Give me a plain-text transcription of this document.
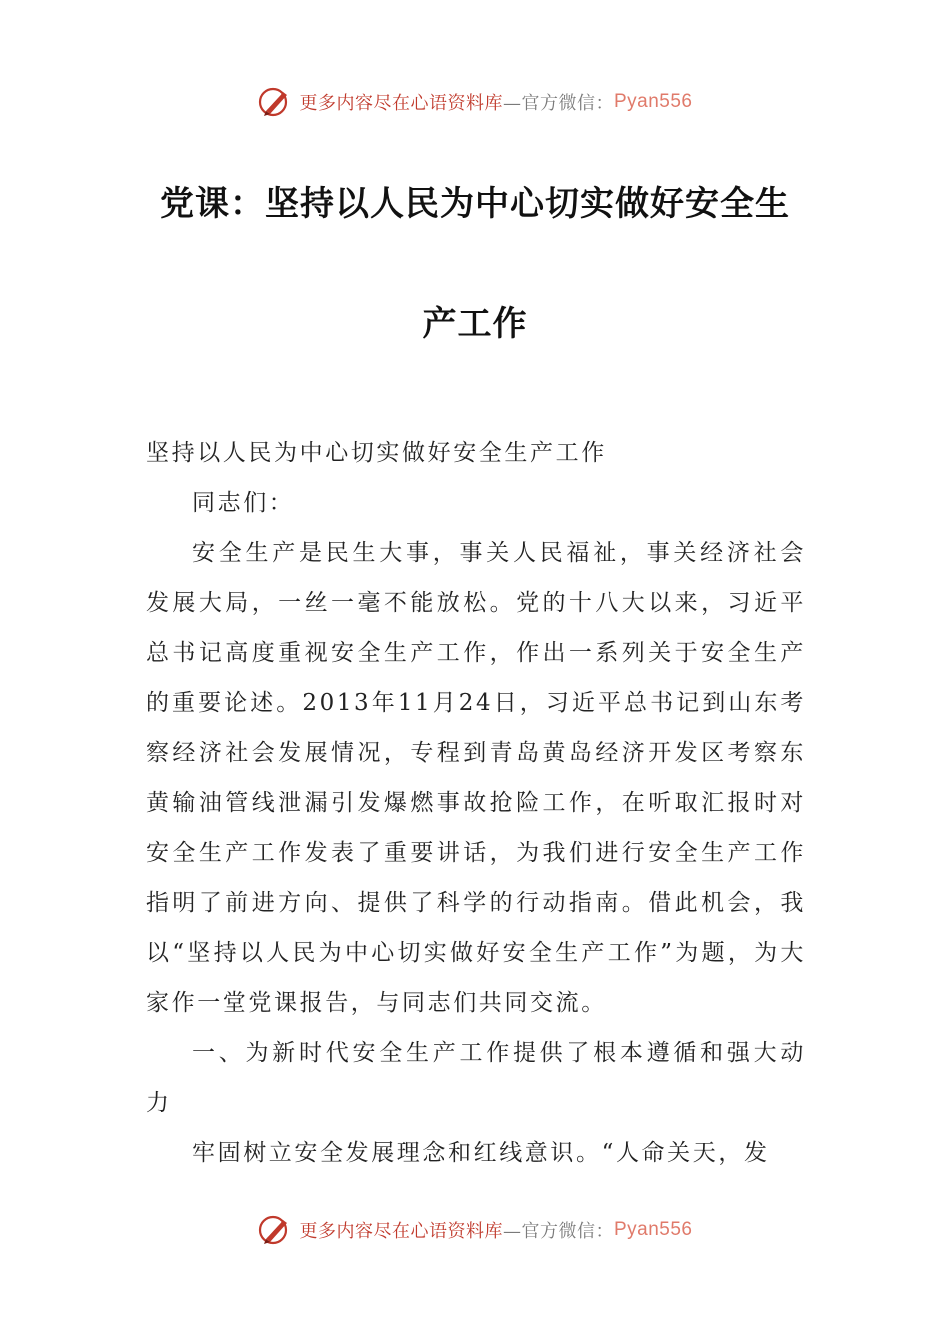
更多内容尽在心语资料库 —官方微信： Pyan556
党课：坚持以人民为中心切实做好安全生
产工作

坚持以人民为中心切实做好安全生产工作

同志们：

安全生产是民生大事，事关人民福祉，事关经济社会发展大局，一丝一毫不能放松。党的十八大以来，习近平总书记高度重视安全生产工作，作出一系列关于安全生产的重要论述。2013年11月24日，习近平总书记到山东考察经济社会发展情况，专程到青岛黄岛经济开发区考察东黄输油管线泄漏引发爆燃事故抢险工作，在听取汇报时对安全生产工作发表了重要讲话，为我们进行安全生产工作指明了前进方向、提供了科学的行动指南。借此机会，我以“坚持以人民为中心切实做好安全生产工作”为题，为大家作一堂党课报告，与同志们共同交流。

一、为新时代安全生产工作提供了根本遵循和强大动力

牢固树立安全发展理念和红线意识。“人命关天，发

更多内容尽在心语资料库 —官方微信： Pyan556
